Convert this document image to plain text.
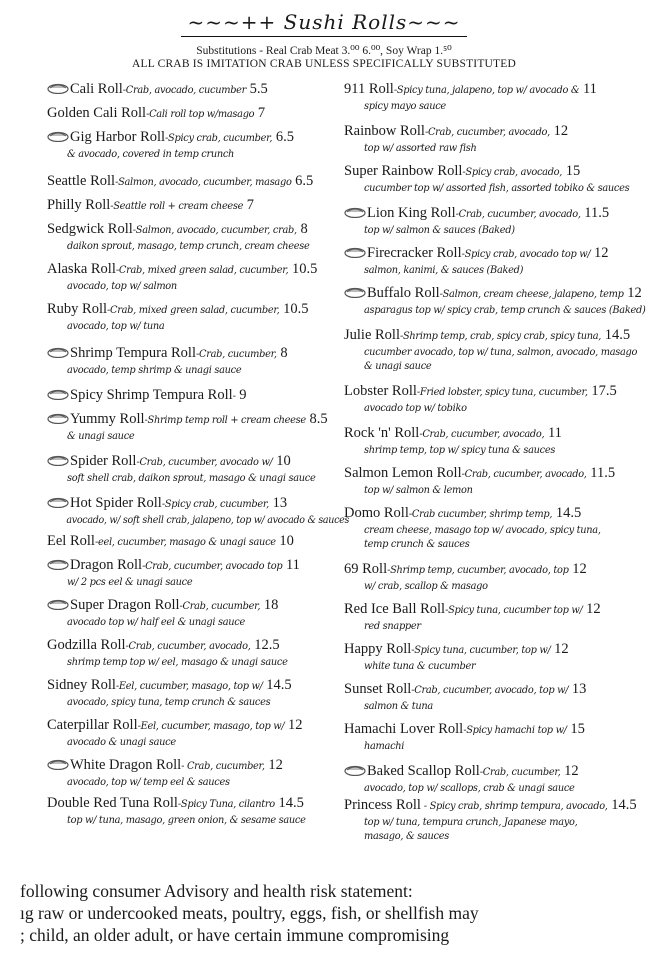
~~~++ Sushi Rolls~~~
Substitutions - Real Crab Meat 3.⁰⁰ 6.⁰⁰, Soy Wrap 1.⁵⁰
ALL CRAB IS IMITATION CRAB UNLESS SPECIFICALLY SUBSTITUTED
Cali Roll-Crab, avocado, cucumber 5.5
Golden Cali Roll-Cali roll top w/masago 7
Gig Harbor Roll-Spicy crab, cucumber, 6.5
& avocado, covered in temp crunch
Seattle Roll-Salmon, avocado, cucumber, masago 6.5
Philly Roll-Seattle roll + cream cheese 7
Sedgwick Roll-Salmon, avocado, cucumber, crab, 8
daikon sprout, masago, temp crunch, cream cheese
Alaska Roll-Crab, mixed green salad, cucumber, 10.5
avocado, top w/ salmon
Ruby Roll-Crab, mixed green salad, cucumber, 10.5
avocado, top w/ tuna
Shrimp Tempura Roll-Crab, cucumber, 8
avocado, temp shrimp & unagi sauce
Spicy Shrimp Tempura Roll- 9
Yummy Roll-Shrimp temp roll + cream cheese 8.5
& unagi sauce
Spider Roll-Crab, cucumber, avocado w/ 10
soft shell crab, daikon sprout, masago & unagi sauce
Hot Spider Roll-Spicy crab, cucumber, 13
avocado, w/ soft shell crab, jalapeno, top w/ avocado & sauces
Eel Roll-eel, cucumber, masago & unagi sauce 10
Dragon Roll-Crab, cucumber, avocado top 11
w/ 2 pcs eel & unagi sauce
Super Dragon Roll-Crab, cucumber, 18
avocado top w/ half eel & unagi sauce
Godzilla Roll-Crab, cucumber, avocado, 12.5
shrimp temp top w/ eel, masago & unagi sauce
Sidney Roll-Eel, cucumber, masago, top w/ 14.5
avocado, spicy tuna, temp crunch & sauces
Caterpillar Roll-Eel, cucumber, masago, top w/ 12
avocado & unagi sauce
White Dragon Roll- Crab, cucumber, 12
avocado, top w/ temp eel & sauces
Double Red Tuna Roll-Spicy Tuna, cilantro 14.5
top w/ tuna, masago, green onion, & sesame sauce
911 Roll-Spicy tuna, jalapeno, top w/ avocado & 11
spicy mayo sauce
Rainbow Roll-Crab, cucumber, avocado, 12
top w/ assorted raw fish
Super Rainbow Roll-Spicy crab, avocado, 15
cucumber top w/ assorted fish, assorted tobiko & sauces
Lion King Roll-Crab, cucumber, avocado, 11.5
top w/ salmon & sauces (Baked)
Firecracker Roll-Spicy crab, avocado top w/ 12
salmon, kanimi, & sauces (Baked)
Buffalo Roll-Salmon, cream cheese, jalapeno, temp 12
asparagus top w/ spicy crab, temp crunch & sauces (Baked)
Julie Roll-Shrimp temp, crab, spicy crab, spicy tuna, 14.5
cucumber avocado, top w/ tuna, salmon, avocado, masago
& unagi sauce
Lobster Roll-Fried lobster, spicy tuna, cucumber, 17.5
avocado top w/ tobiko
Rock 'n' Roll-Crab, cucumber, avocado, 11
shrimp temp, top w/ spicy tuna & sauces
Salmon Lemon Roll-Crab, cucumber, avocado, 11.5
top w/ salmon & lemon
Domo Roll-Crab cucumber, shrimp temp, 14.5
cream cheese, masago top w/ avocado, spicy tuna,
temp crunch & sauces
69 Roll-Shrimp temp, cucumber, avocado, top 12
w/ crab, scallop & masago
Red Ice Ball Roll-Spicy tuna, cucumber top w/ 12
red snapper
Happy Roll-Spicy tuna, cucumber, top w/ 12
white tuna & cucumber
Sunset Roll-Crab, cucumber, avocado, top w/ 13
salmon & tuna
Hamachi Lover Roll-Spicy hamachi top w/ 15
hamachi
Baked Scallop Roll-Crab, cucumber, 12
avocado, top w/ scallops, crab & unagi sauce
Princess Roll - Spicy crab, shrimp tempura, avocado, 14.5
top w/ tuna, tempura crunch, Japanese mayo,
masago, & sauces
following consumer Advisory and health risk statement:
ıg raw or undercooked meats, poultry, eggs, fish, or shellfish may
; child, an older adult, or have certain immune compromising
